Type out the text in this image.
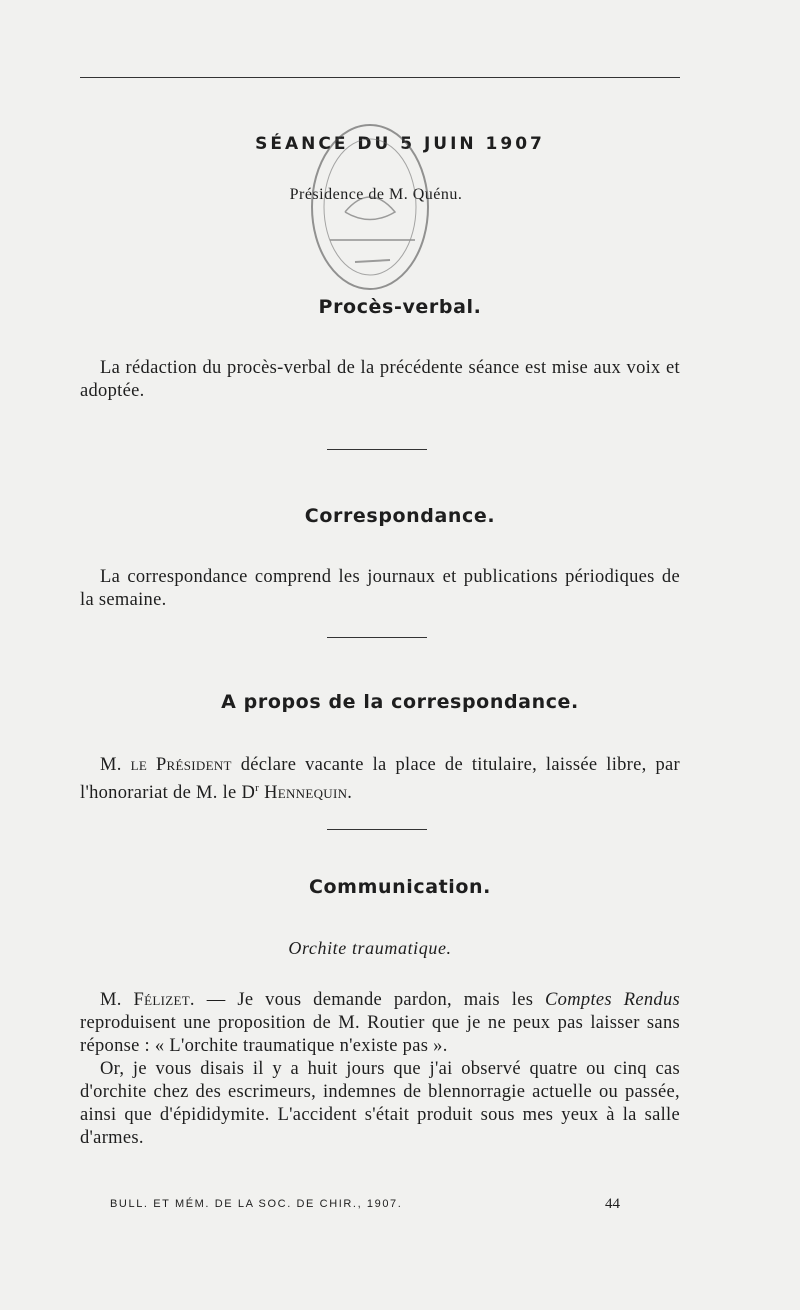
SÉANCE DU 5 JUIN 1907
Présidence de M. Quénu.
Procès-verbal.

La rédaction du procès-verbal de la précédente séance est mise aux voix et adoptée.

Correspondance.

La correspondance comprend les journaux et publications périodiques de la semaine.

A propos de la correspondance.

M. le Président déclare vacante la place de titulaire, laissée libre, par l'honorariat de M. le $D^r$ Hennequin.

Communication.
Orchite traumatique.

M. Félizet. — Je vous demande pardon, mais les Comptes Rendus reproduisent une proposition de M. Routier que je ne peux pas laisser sans réponse : « L'orchite traumatique n'existe pas ».

Or, je vous disais il y a huit jours que j'ai observé quatre ou cinq cas d'orchite chez des escrimeurs, indemnes de blennorragie actuelle ou passée, ainsi que d'épididymite. L'accident s'était produit sous mes yeux à la salle d'armes.

BULL. ET MÉM. DE LA SOC. DE CHIR., 1907.	44
